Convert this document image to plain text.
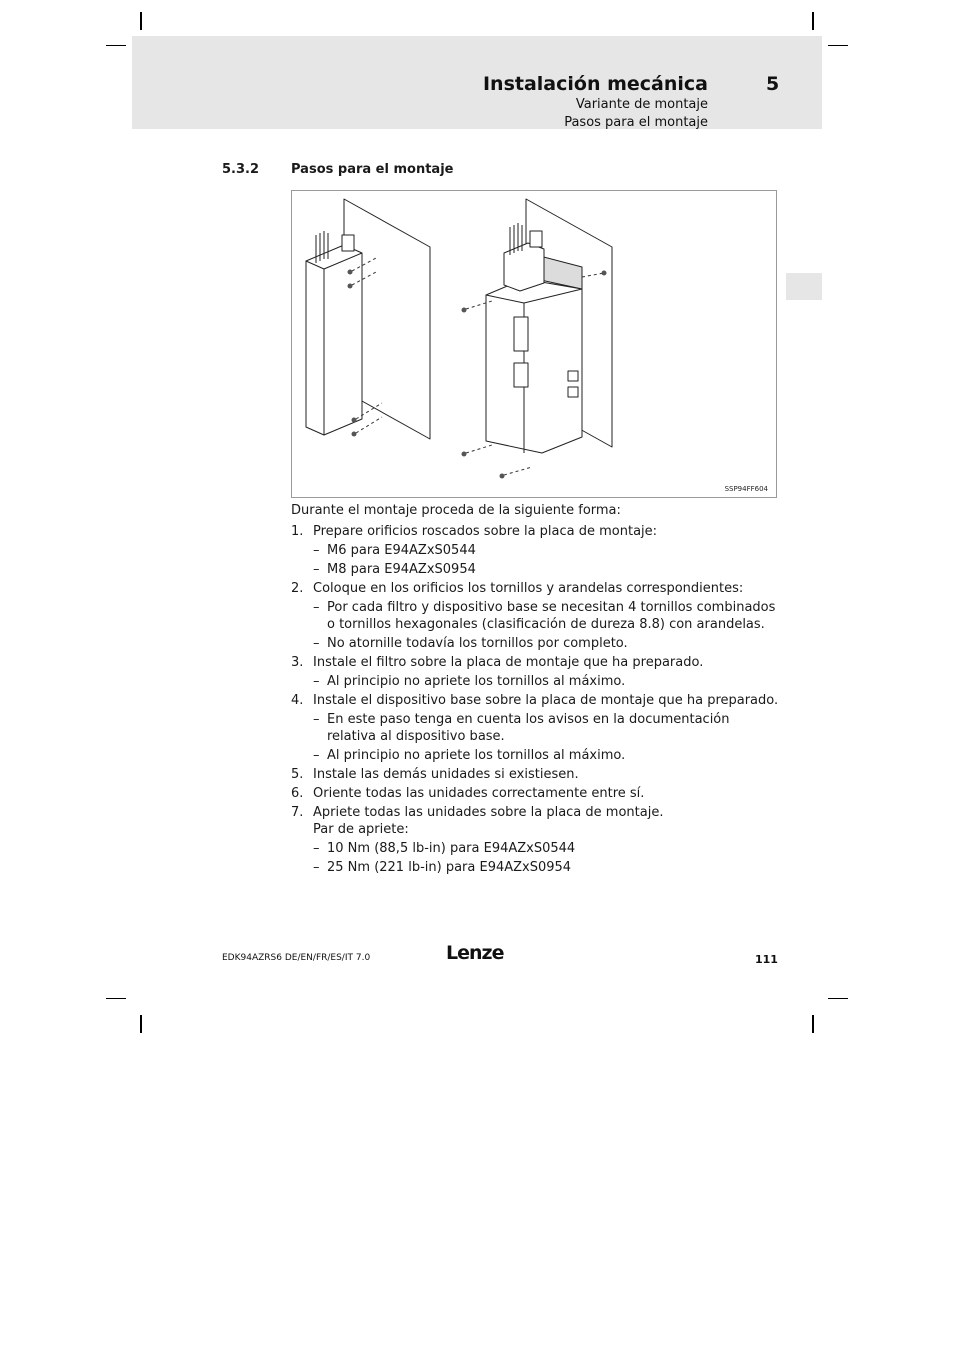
Instalación mecánica	5
Variante de montaje
Pasos para el montaje
5.3.2 Pasos para el montaje
SSP94FF604
Durante el montaje proceda de la siguiente forma:
1. Prepare orificios roscados sobre la placa de montaje:
– M6 para E94AZxS0544
– M8 para E94AZxS0954
2. Coloque en los orificios los tornillos y arandelas correspondientes:
– Por cada filtro y dispositivo base se necesitan 4 tornillos combinados o tornillos hexagonales (clasificación de dureza 8.8) con arandelas.
– No atornille todavía los tornillos por completo.
3. Instale el filtro sobre la placa de montaje que ha preparado.
– Al principio no apriete los tornillos al máximo.
4. Instale el dispositivo base sobre la placa de montaje que ha preparado.
– En este paso tenga en cuenta los avisos en la documentación relativa al dispositivo base.
– Al principio no apriete los tornillos al máximo.
5. Instale las demás unidades si existiesen.
6. Oriente todas las unidades correctamente entre sí.
7. Apriete todas las unidades sobre la placa de montaje.
Par de apriete:
– 10 Nm (88,5 lb-in) para E94AZxS0544
– 25 Nm (221 lb-in) para E94AZxS0954
EDK94AZRS6 DE/EN/FR/ES/IT 7.0	Lenze	111
